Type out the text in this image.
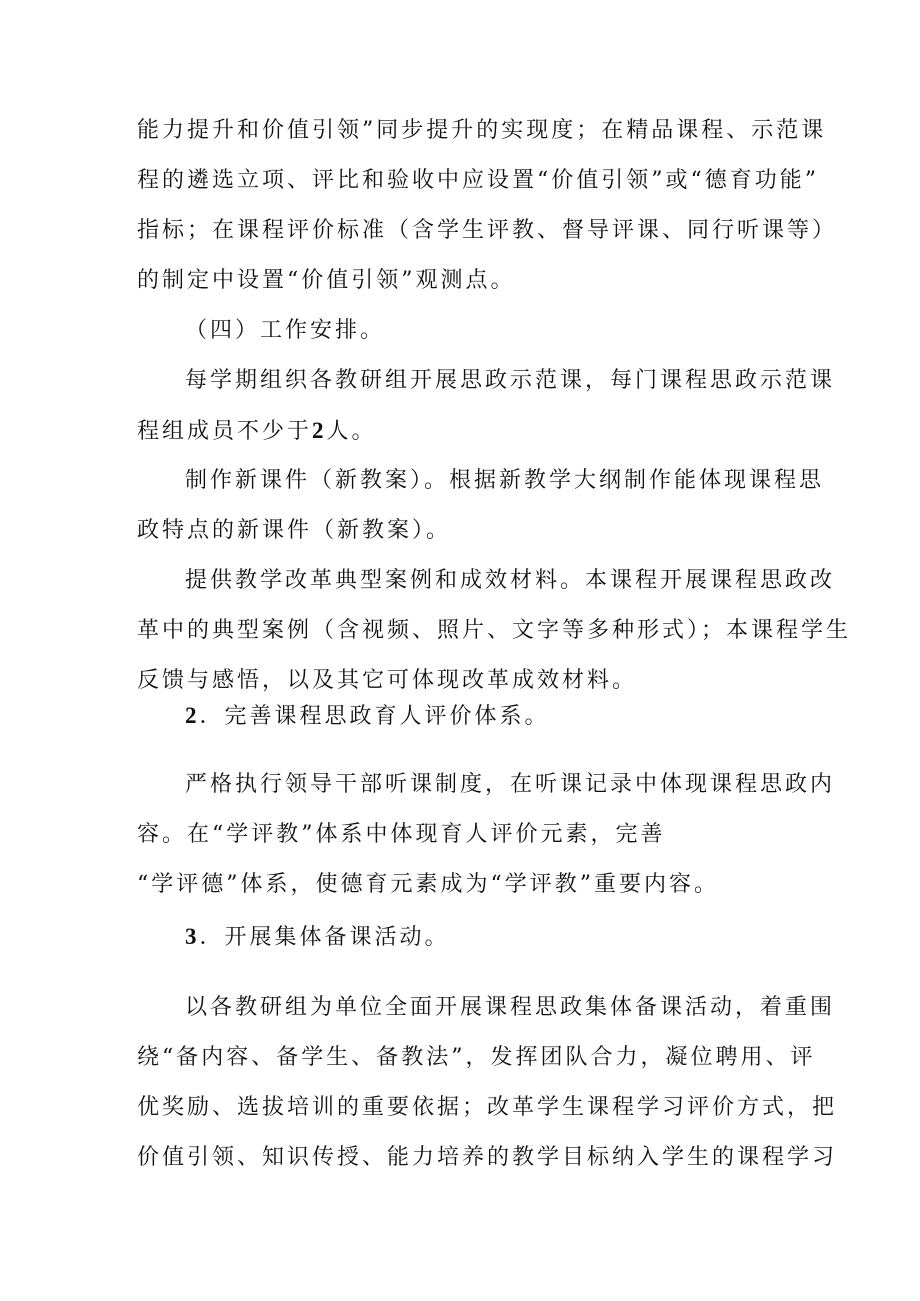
能力提升和价值引领”同步提升的实现度；在精品课程、示范课
程的遴选立项、评比和验收中应设置“价值引领”或“德育功能”
指标；在课程评价标准（含学生评教、督导评课、同行听课等）
的制定中设置“价值引领”观测点。
（四）工作安排。
每学期组织各教研组开展思政示范课，每门课程思政示范课
程组成员不少于2人。
制作新课件（新教案）。根据新教学大纲制作能体现课程思
政特点的新课件（新教案）。
提供教学改革典型案例和成效材料。本课程开展课程思政改
革中的典型案例（含视频、照片、文字等多种形式）；本课程学生
反馈与感悟，以及其它可体现改革成效材料。
2．完善课程思政育人评价体系。
严格执行领导干部听课制度，在听课记录中体现课程思政内
容。在“学评教”体系中体现育人评价元素，完善
“学评德”体系，使德育元素成为“学评教”重要内容。
3．开展集体备课活动。
以各教研组为单位全面开展课程思政集体备课活动，着重围
绕“备内容、备学生、备教法”，发挥团队合力，凝位聘用、评
优奖励、选拔培训的重要依据；改革学生课程学习评价方式，把
价值引领、知识传授、能力培养的教学目标纳入学生的课程学习
